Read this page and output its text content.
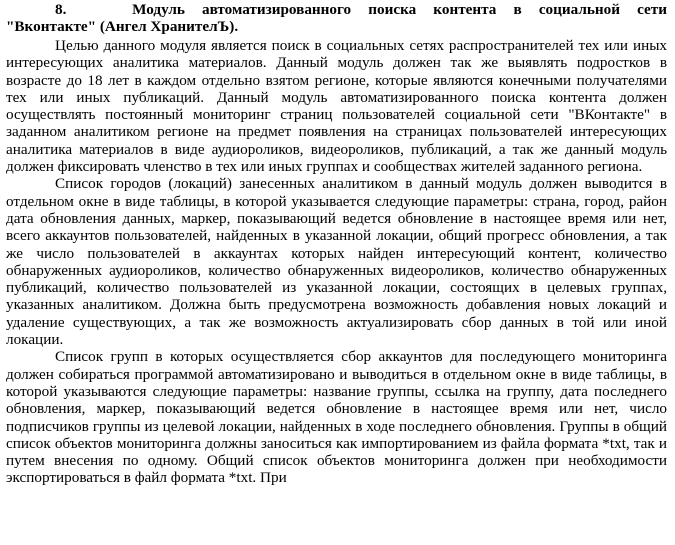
8.	Модуль автоматизированного поиска контента в социальной сети "Вконтакте" (Ангел ХранителЪ).

Целью данного модуля является поиск в социальных сетях распространителей тех или иных интересующих аналитика материалов. Данный модуль должен так же выявлять подростков в возрасте до 18 лет в каждом отдельно взятом регионе, которые являются конечными получателями тех или иных публикаций. Данный модуль автоматизированного поиска контента должен осуществлять постоянный мониторинг страниц пользователей социальной сети "ВКонтакте" в заданном аналитиком регионе на предмет появления на страницах пользователей интересующих аналитика материалов в виде аудиороликов, видеороликов, публикаций, а так же данный модуль должен фиксировать членство в тех или иных группах и сообществах жителей заданного региона.

Список городов (локаций) занесенных аналитиком в данный модуль должен выводится в отдельном окне в виде таблицы, в которой указывается следующие параметры: страна, город, район дата обновления данных, маркер, показывающий ведется обновление в настоящее время или нет, всего аккаунтов пользователей, найденных в указанной локации, общий прогресс обновления, а так же число пользователей в аккаунтах которых найден интересующий контент, количество обнаруженных аудиороликов, количество обнаруженных видеороликов, количество обнаруженных публикаций, количество пользователей из указанной локации, состоящих в целевых группах, указанных аналитиком. Должна быть предусмотрена возможность добавления новых локаций и удаление существующих, а так же возможность актуализировать сбор данных в той или иной локации.

Список групп в которых осуществляется сбор аккаунтов для последующего мониторинга должен собираться программой автоматизировано и выводиться в отдельном окне в виде таблицы, в которой указываются следующие параметры: название группы, ссылка на группу, дата последнего обновления, маркер, показывающий ведется обновление в настоящее время или нет, число подписчиков группы из целевой локации, найденных в ходе последнего обновления. Группы в общий список объектов мониторинга должны заноситься как импортированием из файла формата *txt, так и путем внесения по одному. Общий список объектов мониторинга должен при необходимости экспортироваться в файл формата *txt. При
